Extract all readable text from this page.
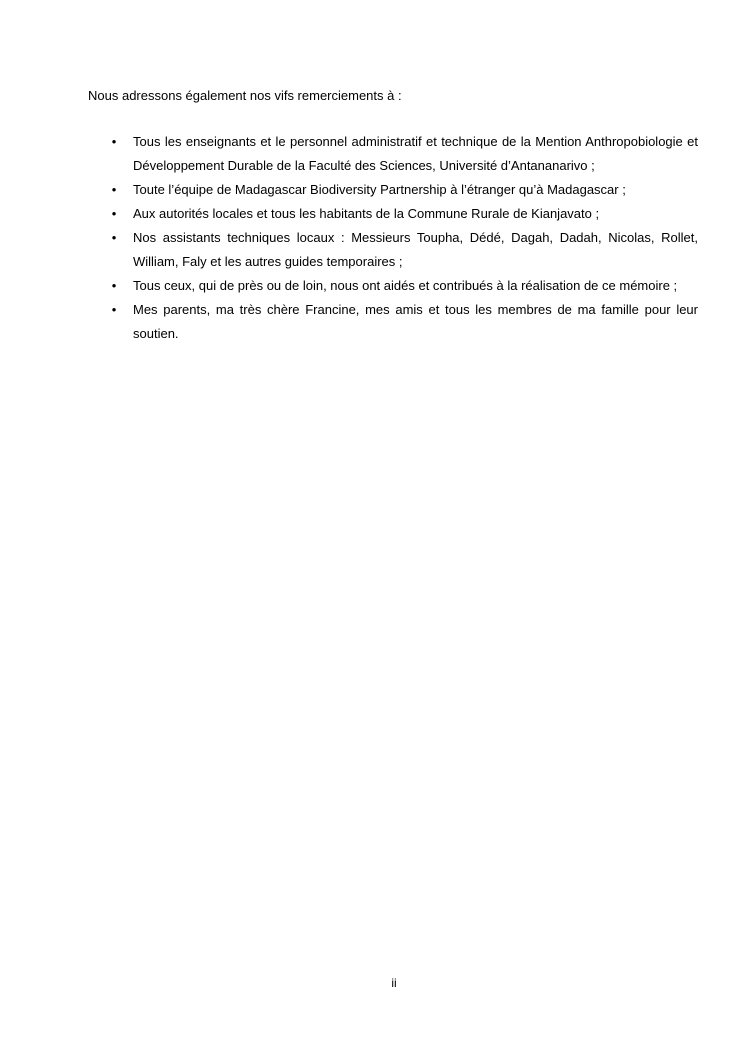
Nous adressons également nos vifs remerciements à :

• Tous les enseignants et le personnel administratif et technique de la Mention Anthropobiologie et Développement Durable de la Faculté des Sciences, Université d’Antananarivo ;
• Toute l’équipe de Madagascar Biodiversity Partnership à l’étranger qu’à Madagascar ;
• Aux autorités locales et tous les habitants de la Commune Rurale de Kianjavato ;
• Nos assistants techniques locaux : Messieurs Toupha, Dédé, Dagah, Dadah, Nicolas, Rollet, William, Faly et les autres guides temporaires ;
• Tous ceux, qui de près ou de loin, nous ont aidés et contribués à la réalisation de ce mémoire ;
• Mes parents, ma très chère Francine, mes amis et tous les membres de ma famille pour leur soutien.
ii
